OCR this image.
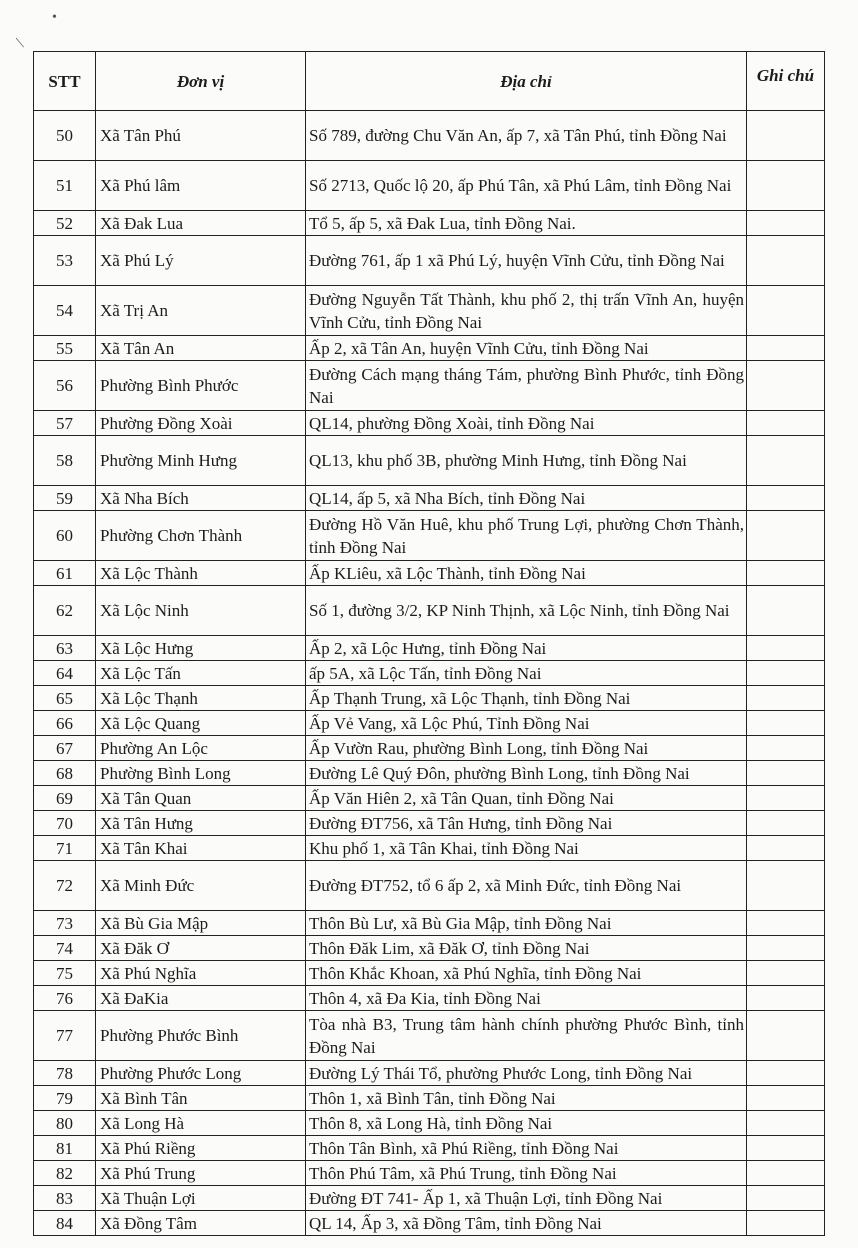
•
|
STT	Đơn vị	Địa chỉ	Ghi chú
50	Xã Tân Phú	Số 789, đường Chu Văn An, ấp 7, xã Tân Phú, tỉnh Đồng Nai	
51	Xã Phú lâm	Số 2713, Quốc lộ 20, ấp Phú Tân, xã Phú Lâm, tỉnh Đồng Nai	
52	Xã Đak Lua	Tổ 5, ấp 5, xã Đak Lua, tỉnh Đồng Nai.	
53	Xã Phú Lý	Đường 761, ấp 1 xã Phú Lý, huyện Vĩnh Cửu, tỉnh Đồng Nai	
54	Xã Trị An	Đường Nguyễn Tất Thành, khu phố 2, thị trấn Vĩnh An, huyện Vĩnh Cửu, tỉnh Đồng Nai	
55	Xã Tân An	Ấp 2, xã Tân An, huyện Vĩnh Cửu, tỉnh Đồng Nai	
56	Phường Bình Phước	Đường Cách mạng tháng Tám, phường Bình Phước, tỉnh Đồng Nai	
57	Phường Đồng Xoài	QL14, phường Đồng Xoài, tỉnh Đồng Nai	
58	Phường Minh Hưng	QL13, khu phố 3B, phường Minh Hưng, tỉnh Đồng Nai	
59	Xã Nha Bích	QL14, ấp 5, xã Nha Bích, tỉnh Đồng Nai	
60	Phường Chơn Thành	Đường Hồ Văn Huê, khu phố Trung Lợi, phường Chơn Thành, tỉnh Đồng Nai	
61	Xã Lộc Thành	Ấp KLiêu, xã Lộc Thành, tỉnh Đồng Nai	
62	Xã Lộc Ninh	Số 1, đường 3/2, KP Ninh Thịnh, xã Lộc Ninh, tỉnh Đồng Nai	
63	Xã Lộc Hưng	Ấp 2, xã Lộc Hưng, tỉnh Đồng Nai	
64	Xã Lộc Tấn	ấp 5A, xã Lộc Tấn, tỉnh Đồng Nai	
65	Xã Lộc Thạnh	Ấp Thạnh Trung, xã Lộc Thạnh, tỉnh Đồng Nai	
66	Xã Lộc Quang	Ấp Vẻ Vang, xã Lộc Phú, Tỉnh Đồng Nai	
67	Phường An Lộc	Ấp Vườn Rau, phường Bình Long, tỉnh Đồng Nai	
68	Phường Bình Long	Đường Lê Quý Đôn, phường Bình Long, tỉnh Đồng Nai	
69	Xã Tân Quan	Ấp Văn Hiên 2, xã Tân Quan, tỉnh Đồng Nai	
70	Xã Tân Hưng	Đường ĐT756, xã Tân Hưng, tỉnh Đồng Nai	
71	Xã Tân Khai	Khu phố 1, xã Tân Khai, tỉnh Đồng Nai	
72	Xã Minh Đức	Đường ĐT752, tổ 6 ấp 2, xã Minh Đức, tỉnh Đồng Nai	
73	Xã Bù Gia Mập	Thôn Bù Lư, xã Bù Gia Mập, tỉnh Đồng Nai	
74	Xã Đăk Ơ	Thôn Đăk Lim, xã Đăk Ơ, tỉnh Đồng Nai	
75	Xã Phú Nghĩa	Thôn Khắc Khoan, xã Phú Nghĩa, tỉnh Đồng Nai	
76	Xã ĐaKia	Thôn 4, xã Đa Kia, tỉnh Đồng Nai	
77	Phường Phước Bình	Tòa nhà B3, Trung tâm hành chính phường Phước Bình, tỉnh Đồng Nai	
78	Phường Phước Long	Đường Lý Thái Tổ, phường Phước Long, tỉnh Đồng Nai	
79	Xã Bình Tân	Thôn 1, xã Bình Tân, tỉnh Đồng Nai	
80	Xã Long Hà	Thôn 8, xã Long Hà, tỉnh Đồng Nai	
81	Xã Phú Riềng	Thôn Tân Bình, xã Phú Riềng, tỉnh Đồng Nai	
82	Xã Phú Trung	Thôn Phú Tâm, xã Phú Trung, tỉnh Đồng Nai	
83	Xã Thuận Lợi	Đường ĐT 741- Ấp 1, xã Thuận Lợi, tỉnh Đồng Nai	
84	Xã Đồng Tâm	QL 14, Ấp 3, xã Đồng Tâm, tỉnh Đồng Nai	
